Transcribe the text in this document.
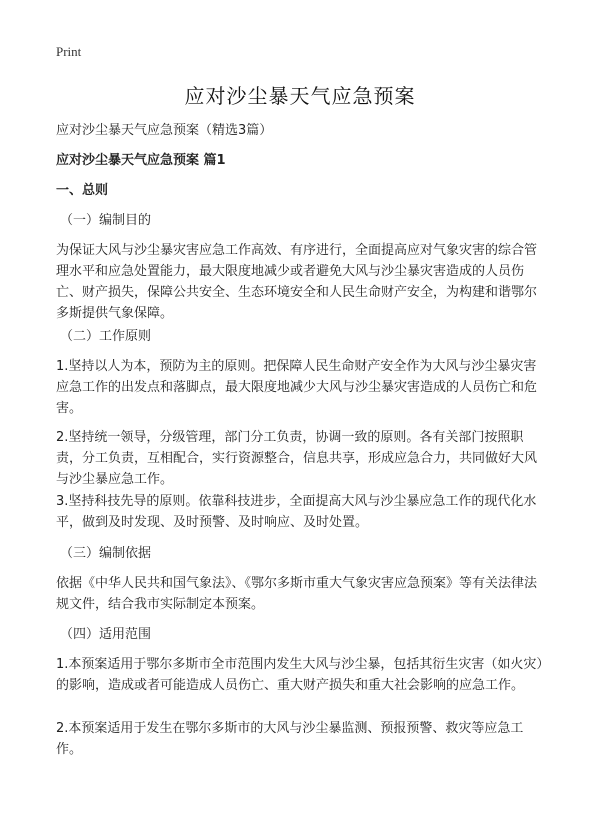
Print
应对沙尘暴天气应急预案
应对沙尘暴天气应急预案（精选3篇）
应对沙尘暴天气应急预案 篇1
一、总则
（一）编制目的
为保证大风与沙尘暴灾害应急工作高效、有序进行，全面提高应对气象灾害的综合管理水平和应急处置能力，最大限度地减少或者避免大风与沙尘暴灾害造成的人员伤亡、财产损失，保障公共安全、生态环境安全和人民生命财产安全，为构建和谐鄂尔多斯提供气象保障。
（二）工作原则
1.坚持以人为本，预防为主的原则。把保障人民生命财产安全作为大风与沙尘暴灾害应急工作的出发点和落脚点，最大限度地减少大风与沙尘暴灾害造成的人员伤亡和危害。
2.坚持统一领导，分级管理，部门分工负责，协调一致的原则。各有关部门按照职责，分工负责，互相配合，实行资源整合，信息共享，形成应急合力，共同做好大风与沙尘暴应急工作。
3.坚持科技先导的原则。依靠科技进步，全面提高大风与沙尘暴应急工作的现代化水平，做到及时发现、及时预警、及时响应、及时处置。
（三）编制依据
依据《中华人民共和国气象法》、《鄂尔多斯市重大气象灾害应急预案》等有关法律法规文件，结合我市实际制定本预案。
（四）适用范围
1.本预案适用于鄂尔多斯市全市范围内发生大风与沙尘暴，包括其衍生灾害（如火灾）的影响，造成或者可能造成人员伤亡、重大财产损失和重大社会影响的应急工作。
2.本预案适用于发生在鄂尔多斯市的大风与沙尘暴监测、预报预警、救灾等应急工作。
